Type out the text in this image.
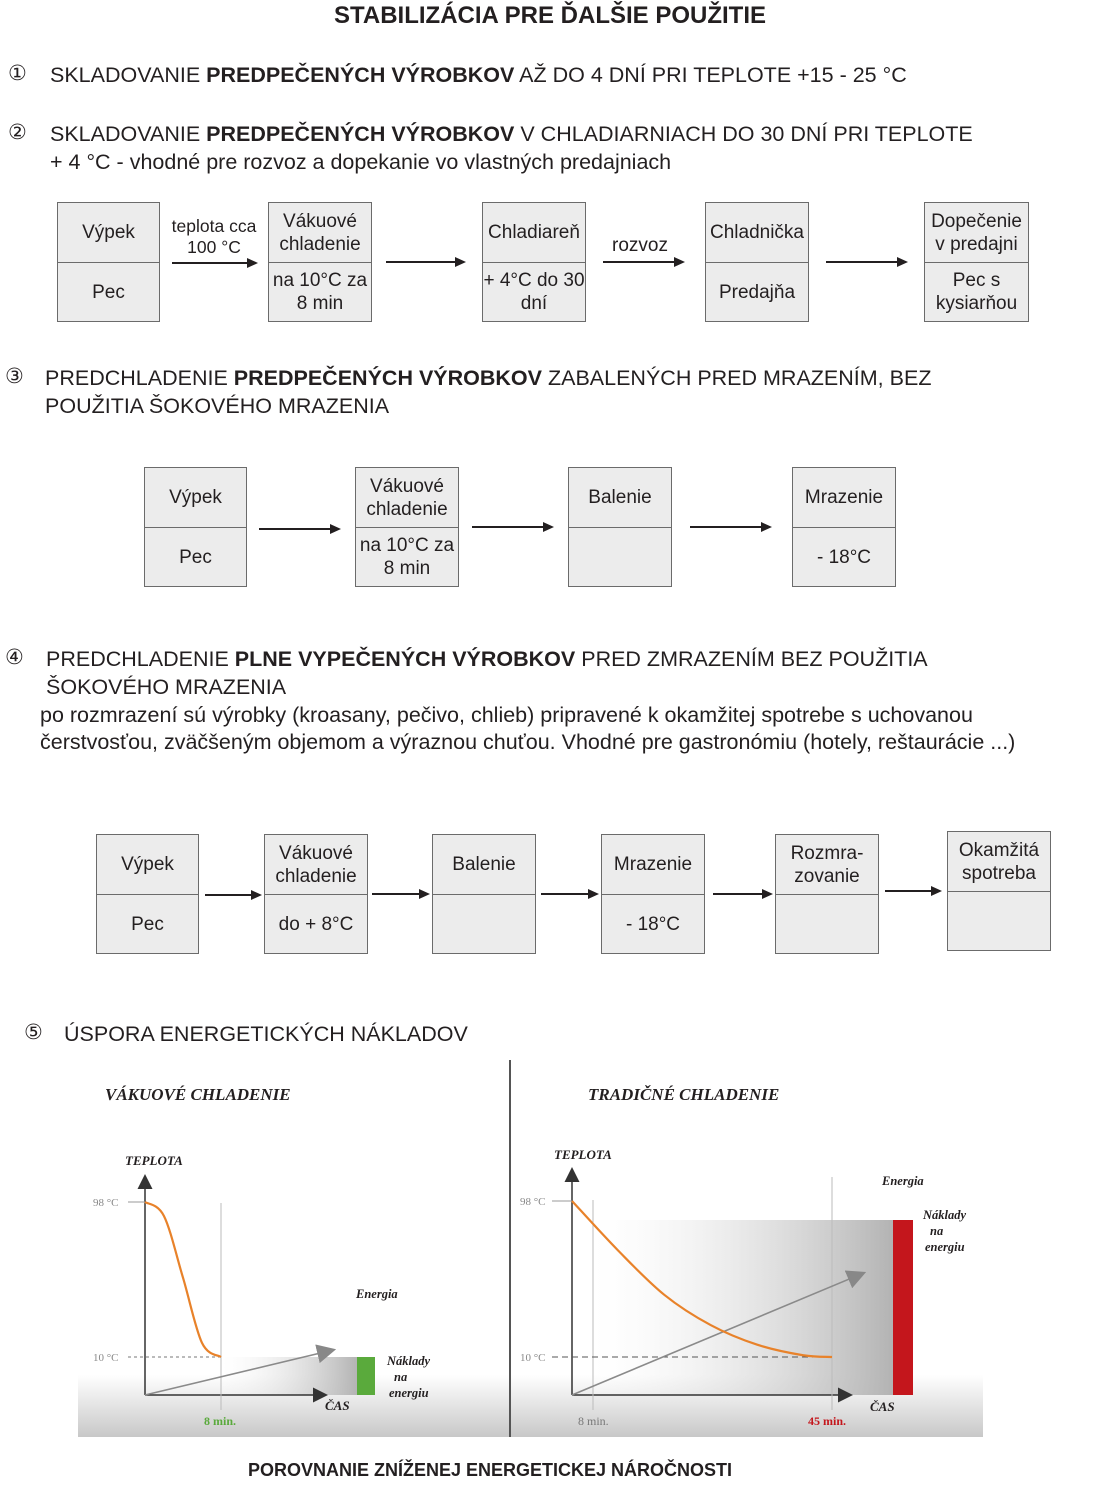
STABILIZÁCIA PRE ĎALŠIE POUŽITIE
① SKLADOVANIE PREDPEČENÝCH VÝROBKOV AŽ DO 4 DNÍ PRI TEPLOTE +15 - 25 °C
② SKLADOVANIE PREDPEČENÝCH VÝROBKOV V CHLADIARNIACH DO 30 DNÍ PRI TEPLOTE
+ 4 °C - vhodné pre rozvoz a dopekanie vo vlastných predajniach
Výpek
Pec
teplota cca 100 °C
Vákuové chladenie
na 10°C za 8 min
Chladiareň
+ 4°C do 30 dní
rozvoz
Chladnička
Predajňa
Dopečenie v predajni
Pec s kysiarňou
③ PREDCHLADENIE PREDPEČENÝCH VÝROBKOV ZABALENÝCH PRED MRAZENÍM, BEZ
POUŽITIA ŠOKOVÉHO MRAZENIA
Výpek
Pec
Vákuové chladenie
na 10°C za 8 min
Balenie	Mrazenie
- 18°C
④ PREDCHLADENIE PLNE VYPEČENÝCH VÝROBKOV PRED ZMRAZENÍM BEZ POUŽITIA
ŠOKOVÉHO MRAZENIA
po rozmrazení sú výrobky (kroasany, pečivo, chlieb) pripravené k okamžitej spotrebe s uchovanou čerstvosťou, zväčšeným objemom a výraznou chuťou. Vhodné pre gastronómiu (hotely, reštaurácie ...)
Výpek
Pec
Vákuové chladenie
do + 8°C
Balenie	Mrazenie
- 18°C
Rozmra-zovanie
Okamžitá spotreba
⑤ ÚSPORA ENERGETICKÝCH NÁKLADOV
VÁKUOVÉ CHLADENIE
TEPLOTA
98 °C
10 °C
Energia
Náklady na energiu
ČAS
8 min.
TRADIČNÉ CHLADENIE
TEPLOTA
98 °C
10 °C
Energia
Náklady na energiu
ČAS
8 min.	45 min.
POROVNANIE ZNÍŽENEJ ENERGETICKEJ NÁROČNOSTI
